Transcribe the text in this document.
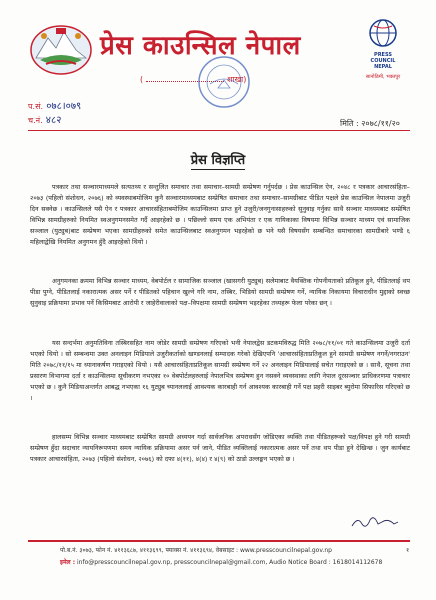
प्रेस काउन्सिल नेपाल
(	शाखा)
PRESS
COUNCIL
NEPAL
सानोठिमी, भक्तपुर
प.सं. ०७८।०७९
च.नं. ४८२	मिति : २०७८/११/२०
प्रेस विज्ञप्ति
पत्रकार तथा सञ्चारमाध्यमले सत्यतथ्य र सन्तुलित समाचार तथा समाचार–सामग्री सम्प्रेषण गर्नुपर्दछ । प्रेस काउन्सिल ऐन, २०४८ र पत्रकार आचारसंहिता–२०७३ (पहिलो संशोधन, २०७६) को व्यवस्थाबमोजिम कुनै सञ्चारमाध्यमबाट सम्प्रेषित समाचार तथा समाचार–सामग्रीबाट पीडित पक्षले प्रेस काउन्सिल नेपालमा उजुरी दिन सक्नेछ । काउन्सिलले यसै ऐन र पत्रकार आचारसंहिताबमोजिम काउन्सिलमा प्राप्त हुने उजुरी/जनगुनासाहरुको सुनुवाइ गर्नुका साथै सञ्चार माध्यमबाट सम्प्रेषित विभिन्न सामग्रीहरुको नियमित स्वअनुगमनसमेत गर्दै आइरहेको छ । पछिल्लो समय एक अभियंता र एक गायिकाका विषयमा विभिन्न सञ्चार माध्यम एवं सामाजिक सञ्जाल (युट्युब)बाट सम्प्रेषण भएका सामग्रीहरुको समेत काउन्सिलबाट स्वअनुगमन भइरहेको छ भने यसै विषयसँग सम्बन्धित समाचारका सामग्रीबारे भण्डै ६ महिलाद्वेखि नियमित अनुगमन हुँदै आइरहेको थियो ।
अनुगमनका क्रममा विभिन्न सञ्चार माध्यम, वेबपोर्टल र सामाजिक सञ्जाल (खासगरी युट्युब) सलेमाबाट वैयक्तिक गोपनीयताको प्रतिकूल हुने, पीडितलाई थप पीडा पुग्ने, पीडितलाई नकारात्मक असर पर्ने र पीडितको पहिचान खुल्ने गरि नाम, तस्बिर, भिडियो सामग्री सम्प्रेषण गर्ने, न्यायिक निकायमा विचाराधीन मुद्दाको स्वच्छ सुनुवाइ प्रक्रियामा प्रभाव पर्ने किसिमबाट आरोपी र जाहेरीवालाको पक्ष–विपक्षमा सामग्री सम्प्रेषण भइरहेका तथ्यहरू फेला परेका छन् ।
यस सन्दर्भमा अनुमतिविना तस्बिरसहित नाम जोडेर सामग्री सम्प्रेषण गरिएको भनी नेपालद्वेस डटकमविरुद्ध मिति २०७८/११/०१ गते काउन्सिलमा उजुरी दर्ता भएको थियो । सो सम्बन्धमा उक्त अनलाइन मिडियाले उजुरीकर्ताको खण्डनलाई सम्पादक गरेको देखिएपनि 'आचारसंहिताप्रतिकूल हुने सामग्री सम्प्रेषण नगर्ने/नगराउन' मिति २०७८/११/१५ मा ध्यानाकर्षण गराइएको थियो । यसै आचारसंहिताप्रतिकूल सामग्री सम्प्रेषण गर्ने २२ अनलाइन मिडियालाई सचेत गराइएको छ । साथै, सूचना तथा प्रसारण विभागमा दर्ता र काउन्सिलमा सूचीकरण नभएका १० वेबपोर्टलहरुलाई नेपालभित्र सम्प्रेषण हुन नसक्ने व्यवस्थाका लागि नेपाल दूरसञ्चार प्राधिकरणमा पत्राचार भएको छ । कुनै मिडियाअन्तर्गत आबद्ध नभएका १६ युट्युब च्यानललाई आवश्यक कारबाही गर्न आवश्यक कारबाही गर्ने पक्ष प्रहरी साइबर ब्युरोमा सिफारिस गरिएको छ ।
हालसम्म विभिन्न सञ्चार माध्यमबाट सम्प्रेषित सामग्री अध्ययन गर्दा सार्वजनिक अपराधसँग जोडिएका व्यक्ति तथा पीडितहरूको पक्ष/विपक्ष हुने गरी सामग्री सम्प्रेषण हुँदा सदाचार न्यायनिरूपणमा समय न्यायिक प्रक्रियामा असर पर्न जाने, पीडित व्यक्तिलाई नकारात्मक असर पर्ने तथा थप पीडा हुने देखिन्छ । जुन कार्यबाट पत्रकार आचारसंहिता, २०७३ (पहिलो संशोधन, २०७६) को दफा ४(११), ४(४) र ४(९) को ठाडो उल्लङ्घन भएको छ ।
पो.ब.नं. ३०७३, फोन नं. ४११३६८७, ४११३६९९, फ्याक्स नं. ४११३६९४, वेबसाइट : www.presscouncilnepal.gov.np
इमेल : info@presscouncilnepal.gov.np, presscouncilnepal@gmail.com, Audio Notice Board : 1618014112678
१
